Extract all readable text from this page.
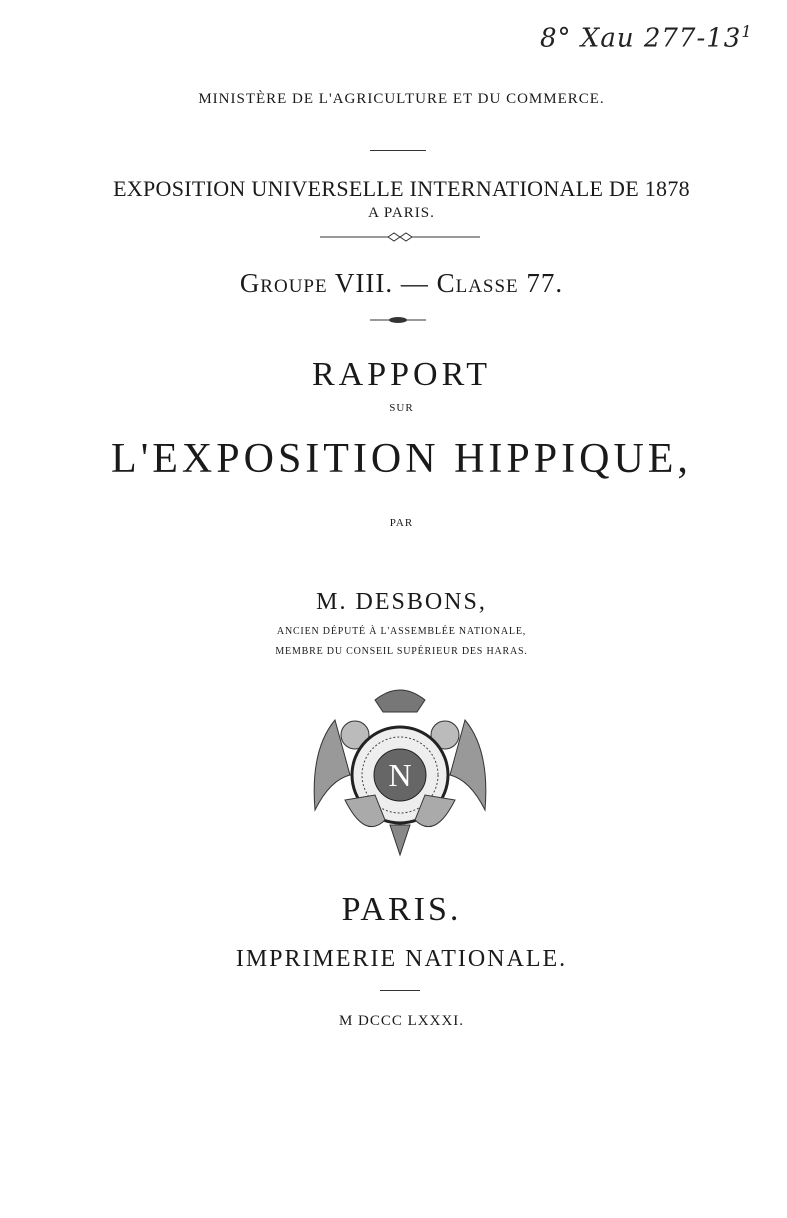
8° Xau $277-13^1$
MINISTÈRE DE L'AGRICULTURE ET DU COMMERCE.
EXPOSITION UNIVERSELLE INTERNATIONALE DE 1878
A PARIS.
Groupe VIII. — Classe 77.
RAPPORT
SUR
L'EXPOSITION HIPPIQUE,
PAR
M. DESBONS,
ANCIEN DÉPUTÉ À L'ASSEMBLÉE NATIONALE,
MEMBRE DU CONSEIL SUPÉRIEUR DES HARAS.
N
PARIS.
IMPRIMERIE NATIONALE.
M DCCC LXXXI.
